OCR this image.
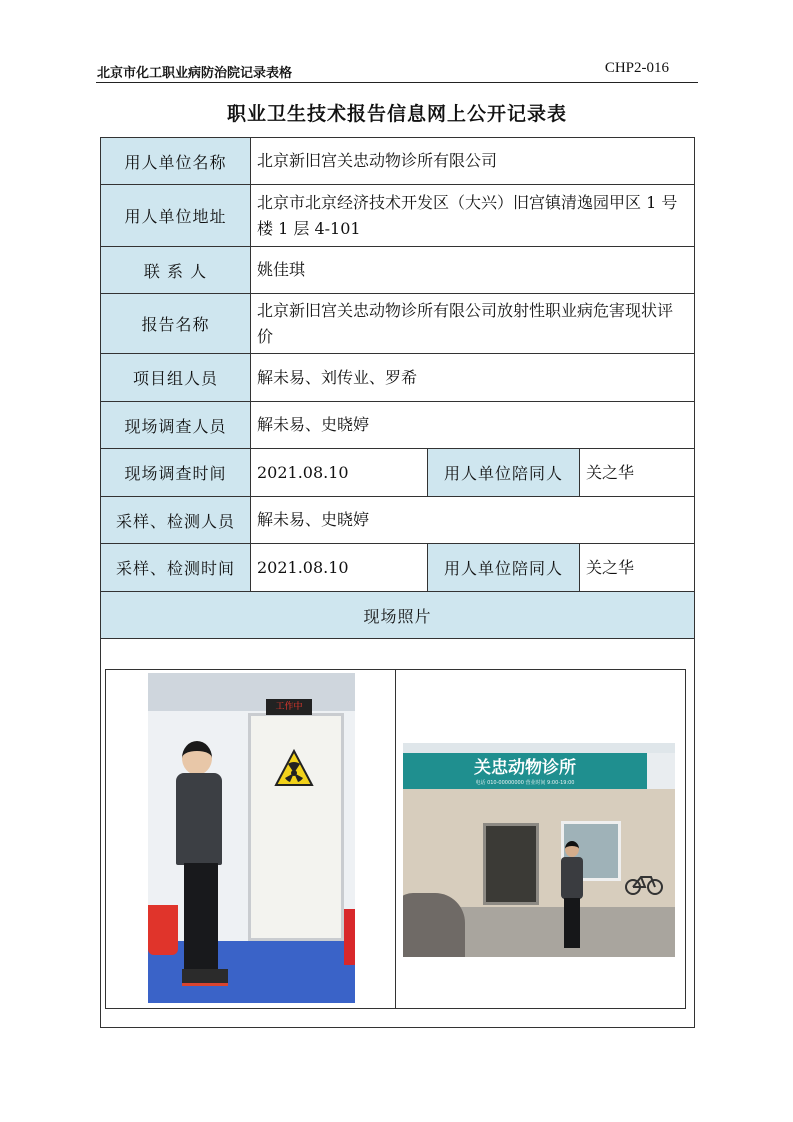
北京市化工职业病防治院记录表格	CHP2-016
职业卫生技术报告信息网上公开记录表
用人单位名称	北京新旧宫关忠动物诊所有限公司		
用人单位地址	北京市北京经济技术开发区（大兴）旧宫镇清逸园甲区 1 号楼 1 层 4-101		
联 系 人	姚佳琪		
报告名称	北京新旧宫关忠动物诊所有限公司放射性职业病危害现状评价		
项目组人员	解未易、刘传业、罗希		
现场调查人员	解未易、史晓婷		
现场调查时间	2021.08.10	用人单位陪同人	关之华
采样、检测人员	解未易、史晓婷		
采样、检测时间	2021.08.10	用人单位陪同人	关之华
现场照片			

工作中
关忠动物诊所
电话 010-00000000 营业时间 9:00-19:00			
